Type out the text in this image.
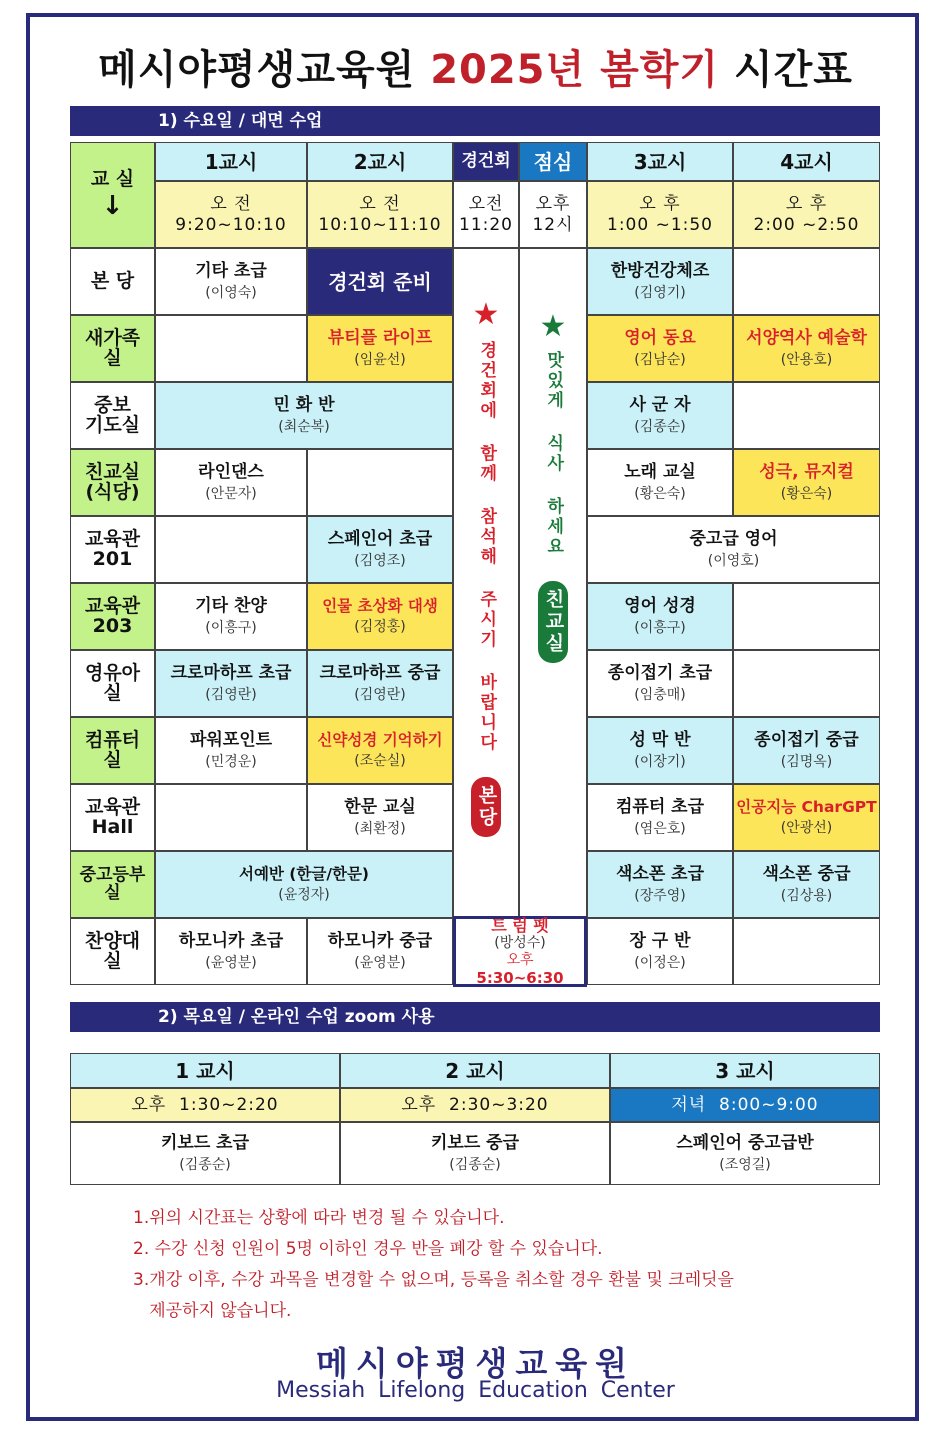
메시야평생교육원 2025년 봄학기 시간표
1) 수요일 / 대면 수업
교 실
↓
1교시
오 전
9:20~10:10
2교시
오 전
10:10~11:10
경건회
오전
11:20
점심
오후
12시
3교시
오 후
1:00 ~1:50
4교시
오 후
2:00 ~2:50
본 당
새가족
실
중보
기도실
친교실
(식당)
교육관
201
교육관
203
영유아
실
컴퓨터
실
교육관
Hall
중고등부
실
찬양대
실
기타 초급
(이영숙)	경건회 준비	한방건강체조
(김영기)
뷰티플 라이프
(임윤선)
영어 동요
(김남순)
서양역사 예술학
(안용호)
민 화 반
(최순복)
사 군 자
(김종순)
라인댄스
(안문자)
노래 교실
(황은숙)
성극, 뮤지컬
(황은숙)
스페인어 초급
(김영조)
중고급 영어
(이영호)
기타 찬양
(이흥구)
인물 초상화 대생
(김정홍)
영어 성경
(이흥구)
크로마하프 초급
(김영란)
크로마하프 중급
(김영란)
종이접기 초급
(임충매)
파워포인트
(민경운)
신약성경 기억하기
(조순실)
성 막 반
(이장기)
종이접기 중급
(김명옥)
한문 교실
(최환정)
컴퓨터 초급
(염은호)
인공지능 CharGPT
(안광선)
서예반 (한글/한문)
(윤정자)
색소폰 초급
(장주영)
색소폰 중급
(김상용)
하모니카 초급
(윤영분)
하모니카 중급
(윤영분)
장 구 반
(이정은)
★
경건회에 함께 참석해 주시기 바랍니다
본당
★
맛있게 식사 하세요
친교실
트 럼 펫
(방성수)
오후
5:30~6:30
2) 목요일 / 온라인 수업 zoom 사용
1 교시
오후  1:30~2:20
키보드 초급
(김종순)
2 교시
오후  2:30~3:20
키보드 중급
(김종순)
3 교시
저녁  8:00~9:00
스페인어 중고급반
(조영길)
1.위의 시간표는 상황에 따라 변경 될 수 있습니다.
2. 수강 신청 인원이 5명 이하인 경우 반을 폐강 할 수 있습니다.
3.개강 이후, 수강 과목을 변경할 수 없으며, 등록을 취소할 경우 환불 및 크레딧을
제공하지 않습니다.
메시야평생교육원
Messiah Lifelong Education Center
